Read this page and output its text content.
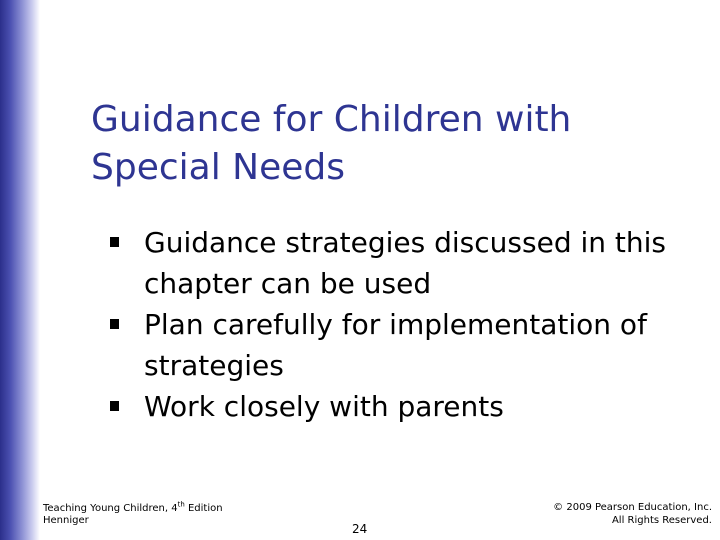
Guidance for Children with Special Needs
Guidance strategies discussed in this chapter can be used
Plan carefully for implementation of strategies
Work closely with parents
Teaching Young Children, 4th Edition
Henniger
24
© 2009 Pearson Education, Inc.
All Rights Reserved.
